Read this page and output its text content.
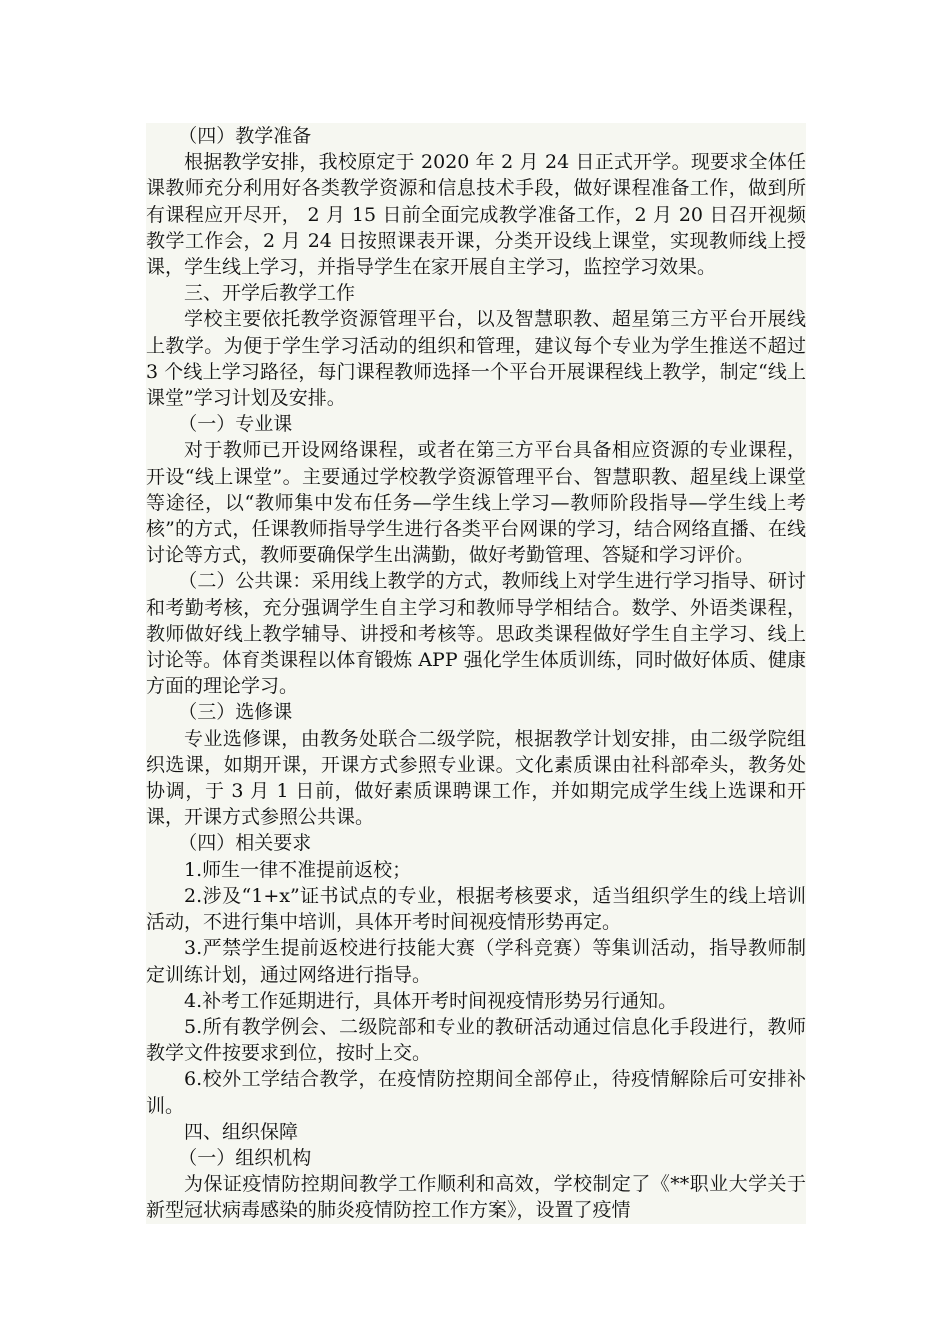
（四）教学准备

根据教学安排，我校原定于 2020 年 2 月 24 日正式开学。现要求全体任课教师充分利用好各类教学资源和信息技术手段，做好课程准备工作，做到所有课程应开尽开， 2 月 15 日前全面完成教学准备工作，2 月 20 日召开视频教学工作会，2 月 24 日按照课表开课，分类开设线上课堂，实现教师线上授课，学生线上学习，并指导学生在家开展自主学习，监控学习效果。

三、开学后教学工作

学校主要依托教学资源管理平台，以及智慧职教、超星第三方平台开展线上教学。为便于学生学习活动的组织和管理，建议每个专业为学生推送不超过 3 个线上学习路径，每门课程教师选择一个平台开展课程线上教学，制定“线上课堂”学习计划及安排。

（一）专业课

对于教师已开设网络课程，或者在第三方平台具备相应资源的专业课程，开设“线上课堂”。主要通过学校教学资源管理平台、智慧职教、超星线上课堂等途径，以“教师集中发布任务—学生线上学习—教师阶段指导—学生线上考核”的方式，任课教师指导学生进行各类平台网课的学习，结合网络直播、在线讨论等方式，教师要确保学生出满勤，做好考勤管理、答疑和学习评价。

（二）公共课：采用线上教学的方式，教师线上对学生进行学习指导、研讨和考勤考核，充分强调学生自主学习和教师导学相结合。数学、外语类课程，教师做好线上教学辅导、讲授和考核等。思政类课程做好学生自主学习、线上讨论等。体育类课程以体育锻炼 APP 强化学生体质训练，同时做好体质、健康方面的理论学习。

（三）选修课

专业选修课，由教务处联合二级学院，根据教学计划安排，由二级学院组织选课，如期开课，开课方式参照专业课。文化素质课由社科部牵头，教务处协调，于 3 月 1 日前，做好素质课聘课工作，并如期完成学生线上选课和开课，开课方式参照公共课。

（四）相关要求

1.师生一律不准提前返校；

2.涉及“1+x”证书试点的专业，根据考核要求，适当组织学生的线上培训活动，不进行集中培训，具体开考时间视疫情形势再定。

3.严禁学生提前返校进行技能大赛（学科竞赛）等集训活动，指导教师制定训练计划，通过网络进行指导。

4.补考工作延期进行，具体开考时间视疫情形势另行通知。

5.所有教学例会、二级院部和专业的教研活动通过信息化手段进行，教师教学文件按要求到位，按时上交。

6.校外工学结合教学，在疫情防控期间全部停止，待疫情解除后可安排补训。

四、组织保障

（一）组织机构

为保证疫情防控期间教学工作顺利和高效，学校制定了《**职业大学关于新型冠状病毒感染的肺炎疫情防控工作方案》，设置了疫情
